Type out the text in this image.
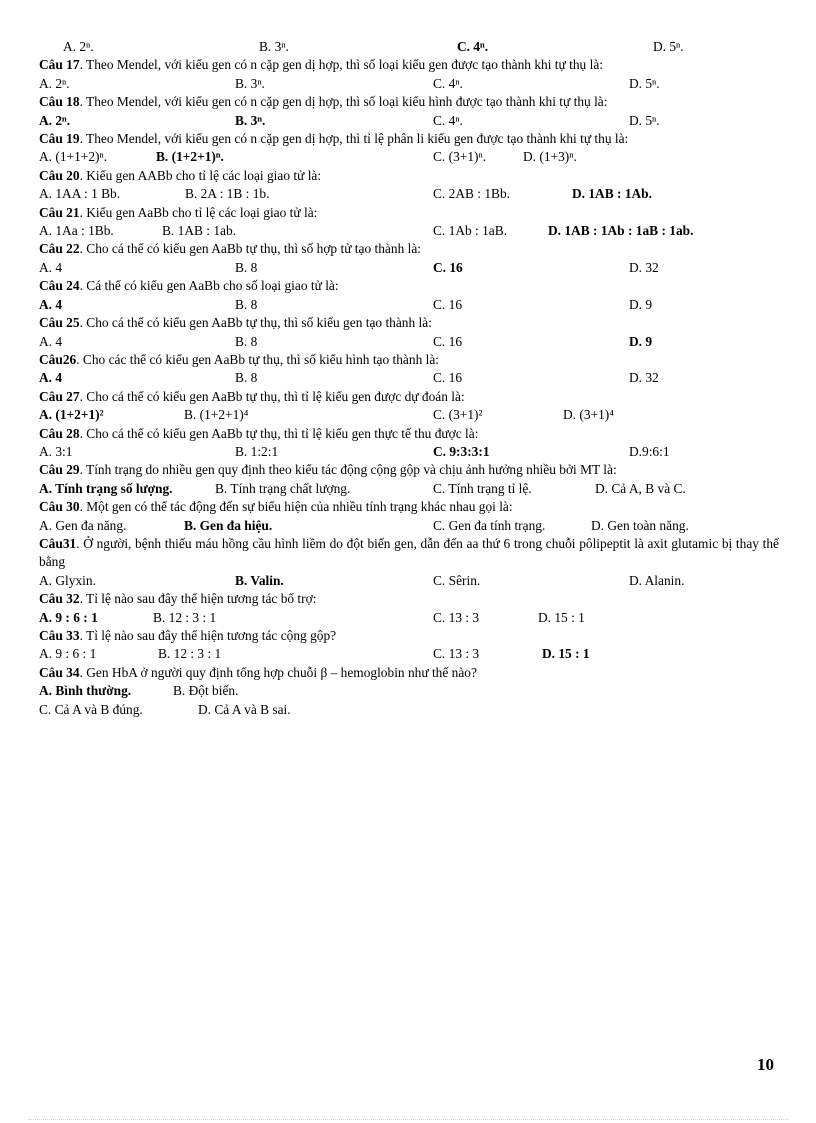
A. 2ⁿ.	B. 3ⁿ.	C. 4ⁿ.	D. 5ⁿ.
Câu 17. Theo Mendel, với kiểu gen có n cặp gen dị hợp, thì số loại kiểu gen được tạo thành khi tự thụ là:
A. 2ⁿ.	B. 3ⁿ.	C. 4ⁿ.	D. 5ⁿ.
Câu 18. Theo Mendel, với kiểu gen có n cặp gen dị hợp, thì số loại kiểu hình được tạo thành khi tự thụ là:
A. 2ⁿ.	B. 3ⁿ.	C. 4ⁿ.	D. 5ⁿ.
Câu 19. Theo Mendel, với kiểu gen có n cặp gen dị hợp, thì tỉ lệ phân li kiểu gen được tạo thành khi tự thụ là:
A. (1+1+2)ⁿ.	B. (1+2+1)ⁿ.	C. (3+1)ⁿ.	D. (1+3)ⁿ.
Câu 20. Kiểu gen AABb cho tỉ lệ các loại giao tử là:
A. 1AA : 1 Bb.	B. 2A : 1B : 1b.	C. 2AB : 1Bb.	D. 1AB : 1Ab.
Câu 21. Kiểu gen AaBb cho tỉ lệ các loại giao tử là:
A. 1Aa : 1Bb.	B. 1AB : 1ab.	C. 1Ab : 1aB.	D. 1AB : 1Ab : 1aB : 1ab.
Câu 22. Cho cá thể có kiểu gen AaBb tự thụ, thì số hợp tử tạo thành là:
A. 4	B. 8	C. 16	D. 32
Câu 24. Cá thể có kiểu gen AaBb cho số loại giao tử là:
A. 4	B. 8	C. 16	D. 9
Câu 25. Cho cá thể có kiểu gen AaBb tự thụ, thì số kiểu gen tạo thành là:
A. 4	B. 8	C. 16	D. 9
Câu26. Cho các thể có kiểu gen AaBb tự thụ, thì số kiểu hình tạo thành là:
A. 4	B. 8	C. 16	D. 32
Câu 27. Cho cá thể có kiểu gen AaBb tự thụ, thì tỉ lệ kiểu gen được dự đoán là:
A. (1+2+1)²	B. (1+2+1)⁴	C. (3+1)²	D. (3+1)⁴
Câu 28. Cho cá thể có kiểu gen AaBb tự thụ, thì tỉ lệ kiểu gen thực tế thu được là:
A. 3:1	B. 1:2:1	C. 9:3:3:1	D.9:6:1
Câu 29. Tính trạng do nhiều gen quy định theo kiểu tác động cộng gộp và chịu ảnh hưởng nhiều bởi MT là:
A. Tính trạng số lượng.	B. Tính trạng chất lượng.	C. Tính trạng tỉ lệ.	D. Cả A, B và C.
Câu 30. Một gen có thể tác động đến sự biểu hiện của nhiều tính trạng khác nhau gọi là:
A. Gen đa năng.	B. Gen đa hiệu.	C. Gen đa tính trạng.	D. Gen toàn năng.
Câu31. Ở người, bệnh thiếu máu hồng cầu hình liềm do đột biến gen, dẫn đến aa thứ 6 trong chuỗi pôlipeptit là axit glutamic bị thay thế bằng
A. Glyxin.	B. Valin.	C. Sêrin.	D. Alanin.
Câu 32. Tỉ lệ nào sau đây thể hiện tương tác bổ trợ:
A. 9 : 6 : 1	B. 12 : 3 : 1	C. 13 : 3	D. 15 : 1
Câu 33. Tỉ lệ nào sau đây thể hiện tương tác cộng gộp?
A. 9 : 6 : 1	B. 12 : 3 : 1	C. 13 : 3	D. 15 : 1
Câu 34. Gen HbA ở người quy định tổng hợp chuỗi β – hemoglobin như thế nào?
A. Bình thường.	B. Đột biến.
C. Cả A và B đúng.	D. Cả A và B sai.
10
